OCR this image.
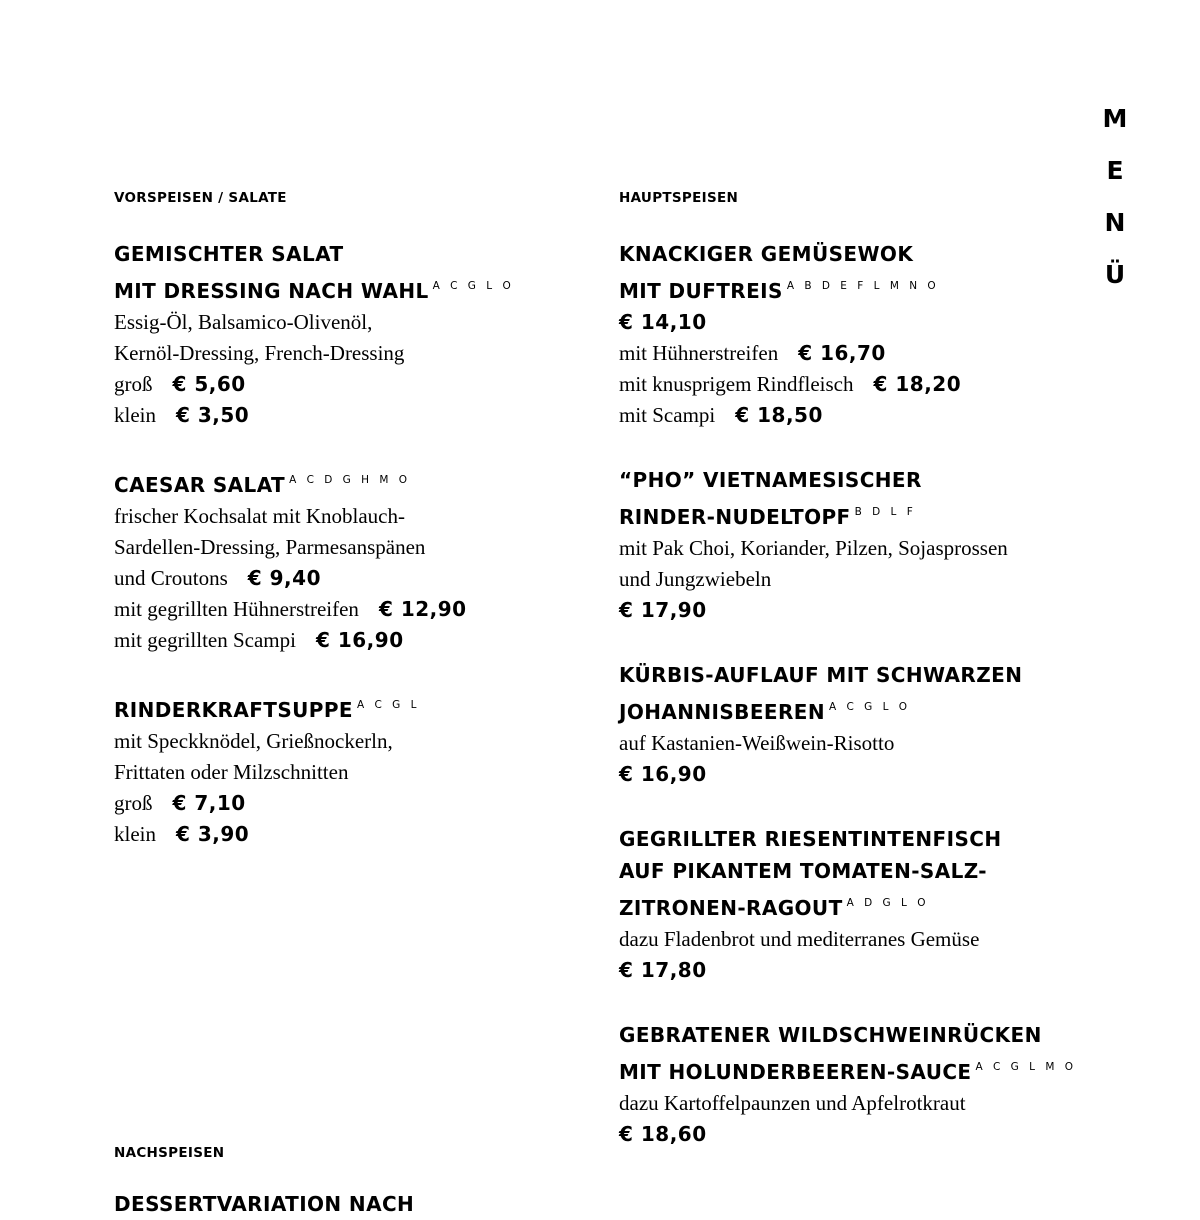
M
E
N
Ü
VORSPEISEN / SALATE
GEMISCHTER SALAT
MIT DRESSING NACH WAHL $^{A C G L O}$
Essig-Öl, Balsamico-Olivenöl,
Kernöl-Dressing, French-Dressing
groß € 5,60
klein € 3,50
CAESAR SALAT $^{A C D G H M O}$
frischer Kochsalat mit Knoblauch-
Sardellen-Dressing, Parmesanspänen
und Croutons € 9,40
mit gegrillten Hühnerstreifen € 12,90
mit gegrillten Scampi € 16,90
RINDERKRAFTSUPPE $^{A C G L}$
mit Speckknödel, Grießnockerln,
Frittaten oder Milzschnitten
groß € 7,10
klein € 3,90
HAUPTSPEISEN
KNACKIGER GEMÜSEWOK
MIT DUFTREIS $^{A B D E F L M N O}$
€ 14,10
mit Hühnerstreifen € 16,70
mit knusprigem Rindfleisch € 18,20
mit Scampi € 18,50
“PHO” VIETNAMESISCHER
RINDER-NUDELTOPF $^{B D L F}$
mit Pak Choi, Koriander, Pilzen, Sojasprossen
und Jungzwiebeln
€ 17,90
KÜRBIS-AUFLAUF MIT SCHWARZEN
JOHANNISBEEREN $^{A C G L O}$
auf Kastanien-Weißwein-Risotto
€ 16,90
GEGRILLTER RIESENTINTENFISCH
AUF PIKANTEM TOMATEN-SALZ-
ZITRONEN-RAGOUT $^{A D G L O}$
dazu Fladenbrot und mediterranes Gemüse
€ 17,80
GEBRATENER WILDSCHWEINRÜCKEN
MIT HOLUNDERBEEREN-SAUCE $^{A C G L M O}$
dazu Kartoffelpaunzen und Apfelrotkraut
€ 18,60
NACHSPEISEN
DESSERTVARIATION NACH
